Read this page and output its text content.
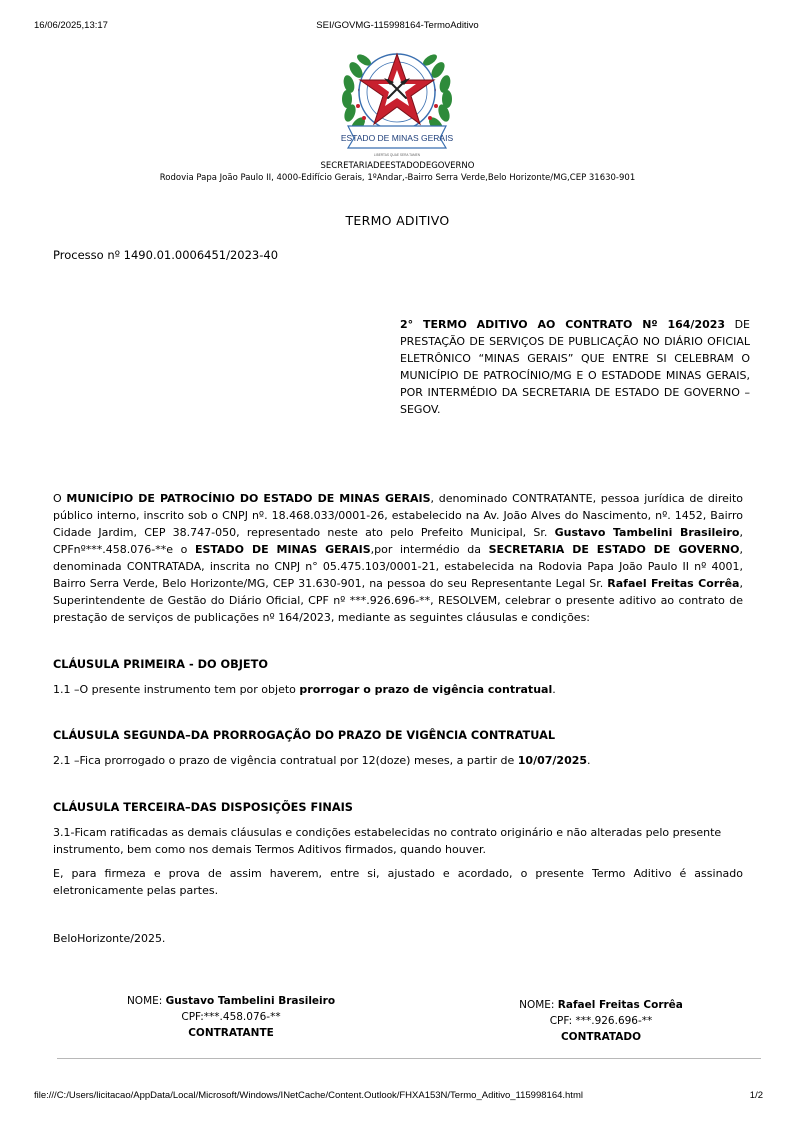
16/06/2025,13:17	SEI/GOVMG-115998164-TermoAditivo
ESTADO DE MINAS GERAIS
LIBERTAS QUAE SERA TAMEN
SECRETARIADEESTADODEGOVERNO
Rodovia Papa João Paulo II, 4000-Edifício Gerais, 1ºAndar,-Bairro Serra Verde,Belo Horizonte/MG,CEP 31630-901
TERMO ADITIVO
Processo nº 1490.01.0006451/2023-40
2° TERMO ADITIVO AO CONTRATO Nº 164/2023 DE PRESTAÇÃO DE SERVIÇOS DE PUBLICAÇÃO NO DIÁRIO OFICIAL ELETRÔNICO “MINAS GERAIS” QUE ENTRE SI CELEBRAM O MUNICÍPIO DE PATROCÍNIO/MG E O ESTADODE MINAS GERAIS, POR INTERMÉDIO DA SECRETARIA DE ESTADO DE GOVERNO – SEGOV.
O MUNICÍPIO DE PATROCÍNIO DO ESTADO DE MINAS GERAIS, denominado CONTRATANTE, pessoa jurídica de direito público interno, inscrito sob o CNPJ nº. 18.468.033/0001-26, estabelecido na Av. João Alves do Nascimento, nº. 1452, Bairro Cidade Jardim, CEP 38.747-050, representado neste ato pelo Prefeito Municipal, Sr. Gustavo Tambelini Brasileiro, CPFnº***.458.076-**e o ESTADO DE MINAS GERAIS,por intermédio da SECRETARIA DE ESTADO DE GOVERNO, denominada CONTRATADA, inscrita no CNPJ n° 05.475.103/0001-21, estabelecida na Rodovia Papa João Paulo II nº 4001, Bairro Serra Verde, Belo Horizonte/MG, CEP 31.630-901, na pessoa do seu Representante Legal Sr. Rafael Freitas Corrêa, Superintendente de Gestão do Diário Oficial, CPF nº ***.926.696-**, RESOLVEM, celebrar o presente aditivo ao contrato de prestação de serviços de publicações nº 164/2023, mediante as seguintes cláusulas e condições:
CLÁUSULA PRIMEIRA - DO OBJETO
1.1 –O presente instrumento tem por objeto prorrogar o prazo de vigência contratual.
CLÁUSULA SEGUNDA–DA PRORROGAÇÃO DO PRAZO DE VIGÊNCIA CONTRATUAL
2.1 –Fica prorrogado o prazo de vigência contratual por 12(doze) meses, a partir de 10/07/2025.
CLÁUSULA TERCEIRA–DAS DISPOSIÇÕES FINAIS
3.1-Ficam ratificadas as demais cláusulas e condições estabelecidas no contrato originário e não alteradas pelo presente instrumento, bem como nos demais Termos Aditivos firmados, quando houver.
E, para firmeza e prova de assim haverem, entre si, ajustado e acordado, o presente Termo Aditivo é assinado eletronicamente pelas partes.
BeloHorizonte/2025.
NOME: Gustavo Tambelini Brasileiro
CPF:***.458.076-**
CONTRATANTE
NOME: Rafael Freitas Corrêa
CPF: ***.926.696-**
CONTRATADO
file:///C:/Users/licitacao/AppData/Local/Microsoft/Windows/INetCache/Content.Outlook/FHXA153N/Termo_Aditivo_115998164.html	1/2
